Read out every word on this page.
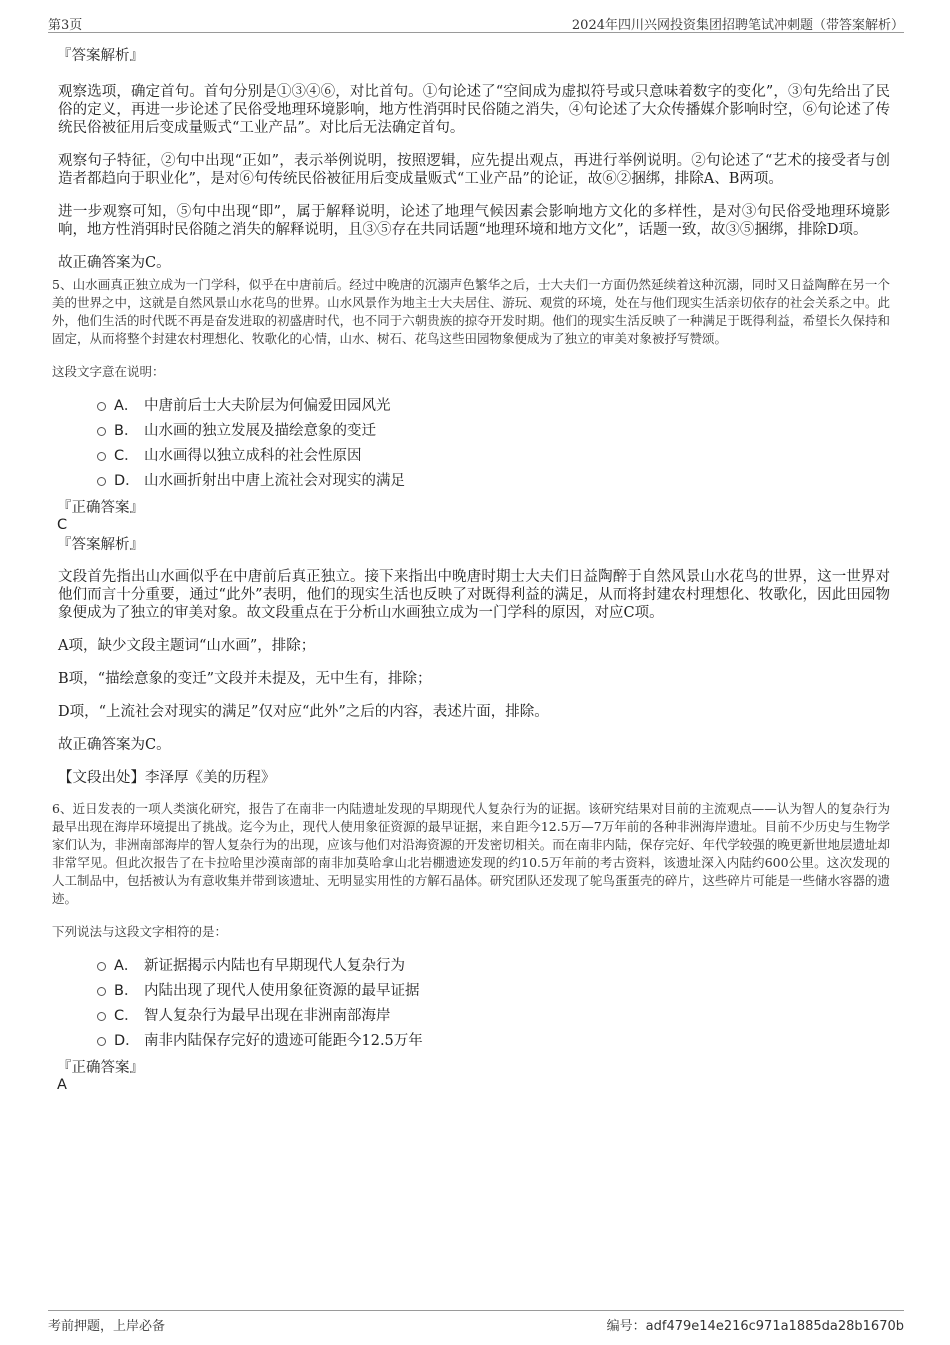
第3页	2024年四川兴网投资集团招聘笔试冲刺题（带答案解析）

『答案解析』

观察选项，确定首句。首句分别是①③④⑥，对比首句。①句论述了“空间成为虚拟符号或只意味着数字的变化”，③句先给出了民俗的定义，再进一步论述了民俗受地理环境影响，地方性消弭时民俗随之消失，④句论述了大众传播媒介影响时空，⑥句论述了传统民俗被征用后变成量贩式“工业产品”。对比后无法确定首句。

观察句子特征，②句中出现“正如”，表示举例说明，按照逻辑，应先提出观点，再进行举例说明。②句论述了“艺术的接受者与创造者都趋向于职业化”，是对⑥句传统民俗被征用后变成量贩式“工业产品”的论证，故⑥②捆绑，排除A、B两项。

进一步观察可知，⑤句中出现“即”，属于解释说明，论述了地理气候因素会影响地方文化的多样性，是对③句民俗受地理环境影响，地方性消弭时民俗随之消失的解释说明，且③⑤存在共同话题“地理环境和地方文化”，话题一致，故③⑤捆绑，排除D项。

故正确答案为C。

5、山水画真正独立成为一门学科，似乎在中唐前后。经过中晚唐的沉溺声色繁华之后，士大夫们一方面仍然延续着这种沉溺，同时又日益陶醉在另一个美的世界之中，这就是自然风景山水花鸟的世界。山水风景作为地主士大夫居住、游玩、观赏的环境，处在与他们现实生活亲切依存的社会关系之中。此外，他们生活的时代既不再是奋发进取的初盛唐时代，也不同于六朝贵族的掠夺开发时期。他们的现实生活反映了一种满足于既得利益，希望长久保持和固定，从而将整个封建农村理想化、牧歌化的心情，山水、树石、花鸟这些田园物象便成为了独立的审美对象被抒写赞颂。

这段文字意在说明：

A． 中唐前后士大夫阶层为何偏爱田园风光
B． 山水画的独立发展及描绘意象的变迁
C． 山水画得以独立成科的社会性原因
D． 山水画折射出中唐上流社会对现实的满足

『正确答案』

C

『答案解析』

文段首先指出山水画似乎在中唐前后真正独立。接下来指出中晚唐时期士大夫们日益陶醉于自然风景山水花鸟的世界，这一世界对他们而言十分重要，通过“此外”表明，他们的现实生活也反映了对既得利益的满足，从而将封建农村理想化、牧歌化，因此田园物象便成为了独立的审美对象。故文段重点在于分析山水画独立成为一门学科的原因，对应C项。

A项，缺少文段主题词“山水画”，排除；

B项，“描绘意象的变迁”文段并未提及，无中生有，排除；

D项，“上流社会对现实的满足”仅对应“此外”之后的内容，表述片面，排除。

故正确答案为C。

【文段出处】李泽厚《美的历程》

6、近日发表的一项人类演化研究，报告了在南非一内陆遗址发现的早期现代人复杂行为的证据。该研究结果对目前的主流观点——认为智人的复杂行为最早出现在海岸环境提出了挑战。迄今为止，现代人使用象征资源的最早证据，来自距今12.5万—7万年前的各种非洲海岸遗址。目前不少历史与生物学家们认为，非洲南部海岸的智人复杂行为的出现，应该与他们对沿海资源的开发密切相关。而在南非内陆，保存完好、年代学较强的晚更新世地层遗址却非常罕见。但此次报告了在卡拉哈里沙漠南部的南非加莫哈拿山北岩棚遗迹发现的约10.5万年前的考古资料，该遗址深入内陆约600公里。这次发现的人工制品中，包括被认为有意收集并带到该遗址、无明显实用性的方解石晶体。研究团队还发现了鸵鸟蛋蛋壳的碎片，这些碎片可能是一些储水容器的遗迹。

下列说法与这段文字相符的是：

A． 新证据揭示内陆也有早期现代人复杂行为
B． 内陆出现了现代人使用象征资源的最早证据
C． 智人复杂行为最早出现在非洲南部海岸
D． 南非内陆保存完好的遗迹可能距今12.5万年

『正确答案』

A

考前押题，上岸必备	编号：adf479e14e216c971a1885da28b1670b
